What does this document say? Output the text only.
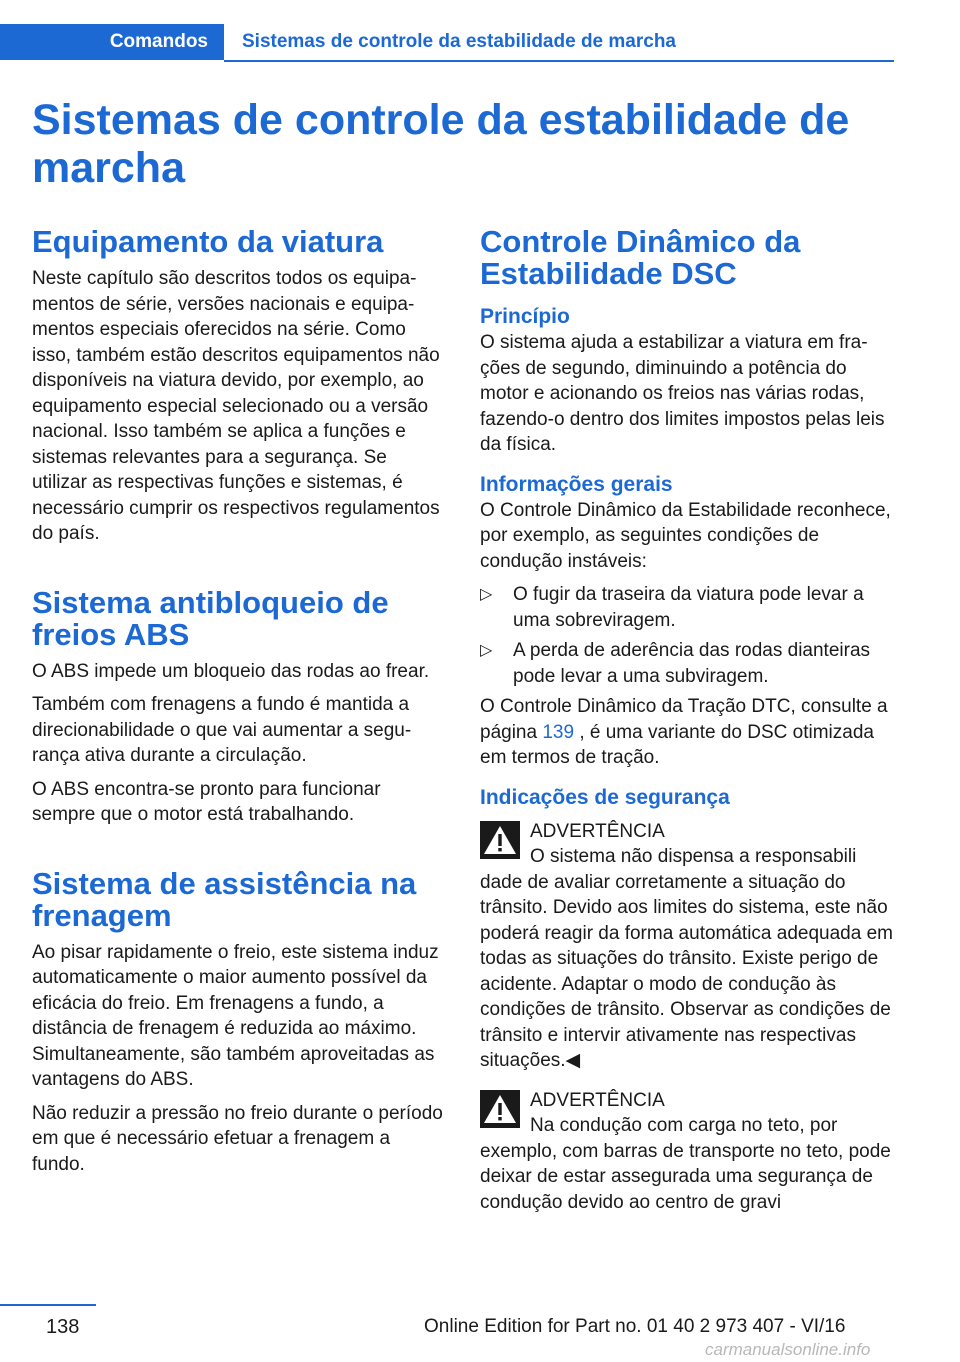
Comandos	Sistemas de controle da estabilidade de marcha
Sistemas de controle da estabilidade de marcha
Equipamento da viatura

Neste capítulo são descritos todos os equipamentos de série, versões nacionais e equipamentos especiais oferecidos na série. Como isso, também estão descritos equipamentos não disponíveis na viatura devido, por exemplo, ao equipamento especial selecionado ou a versão nacional. Isso também se aplica a funções e sistemas relevantes para a segurança. Se utilizar as respectivas funções e sistemas, é necessário cumprir os respectivos regulamentos do país.

Sistema antibloqueio de freios ABS

O ABS impede um bloqueio das rodas ao frear.

Também com frenagens a fundo é mantida a direcionabilidade o que vai aumentar a segurança ativa durante a circulação.

O ABS encontra-se pronto para funcionar sempre que o motor está trabalhando.

Sistema de assistência na frenagem

Ao pisar rapidamente o freio, este sistema induz automaticamente o maior aumento possível da eficácia do freio. Em frenagens a fundo, a distância de frenagem é reduzida ao máximo. Simultaneamente, são também aproveitadas as vantagens do ABS.

Não reduzir a pressão no freio durante o período em que é necessário efetuar a frenagem a fundo.

Controle Dinâmico da Estabilidade DSC
Princípio

O sistema ajuda a estabilizar a viatura em frações de segundo, diminuindo a potência do motor e acionando os freios nas várias rodas, fazendo-o dentro dos limites impostos pelas leis da física.

Informações gerais

O Controle Dinâmico da Estabilidade reconhece, por exemplo, as seguintes condições de condução instáveis:

▷ O fugir da traseira da viatura pode levar a uma sobreviragem.
▷ A perda de aderência das rodas dianteiras pode levar a uma subviragem.

O Controle Dinâmico da Tração DTC, consulte a página 139 , é uma variante do DSC otimizada em termos de tração.

Indicações de segurança

ADVERTÊNCIA

O sistema não dispensa a responsabili

dade de avaliar corretamente a situação do trânsito. Devido aos limites do sistema, este não poderá reagir da forma automática adequada em todas as situações do trânsito. Existe perigo de acidente. Adaptar o modo de condução às condições de trânsito. Observar as condições de trânsito e intervir ativamente nas respectivas situações.◀

ADVERTÊNCIA

Na condução com carga no teto, por

exemplo, com barras de transporte no teto, pode deixar de estar assegurada uma segurança de condução devido ao centro de gravi

138	Online Edition for Part no. 01 40 2 973 407 - VI/16
carmanualsonline.info
